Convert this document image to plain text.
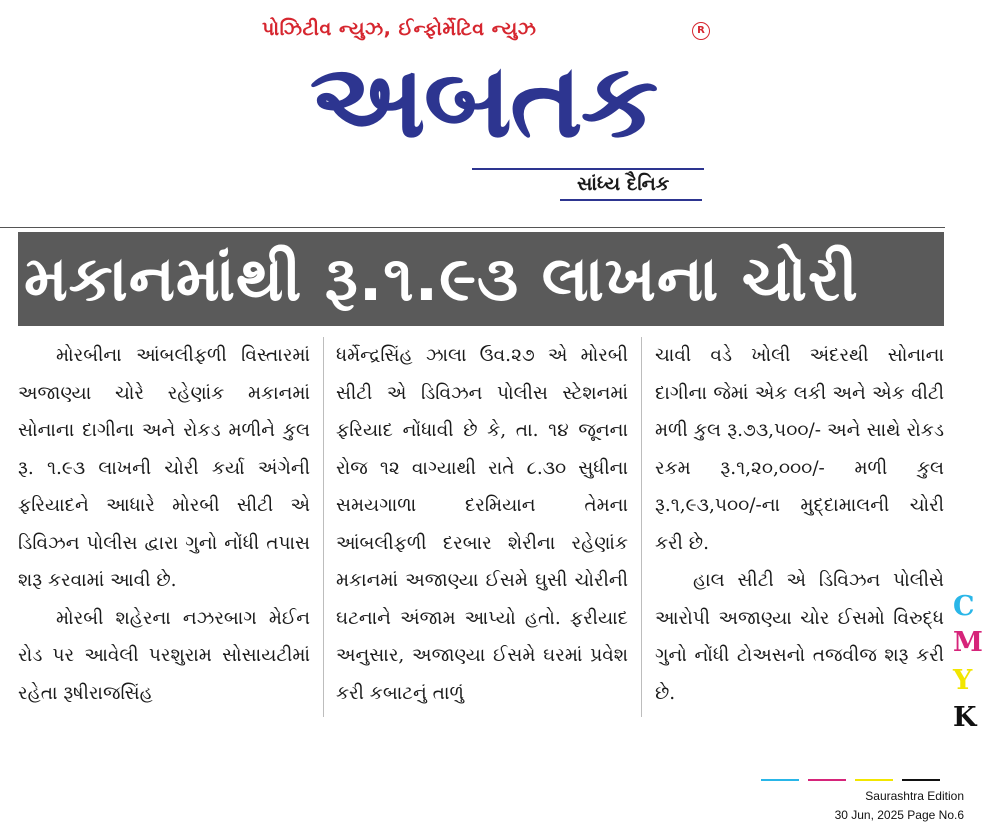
પોઝિટીવ ન્યુઝ, ઈન્ફોર્મેટિવ ન્યુઝ	R
અબતક
સાંધ્ય દૈનિક
મકાનમાંથી રૂ.૧.૯૩ લાખના ચોરી

મોરબીના આંબલીફળી વિસ્તારમાં અજાણ્યા ચોરે રહેણાંક મકાનમાં સોનાના દાગીના અને રોકડ મળીને કુલ રૂ. ૧.૯૩ લાખની ચોરી કર્યા અંગેની ફરિયાદને આધારે મોરબી સીટી એ ડિવિઝન પોલીસ દ્વારા ગુનો નોંધી તપાસ શરૂ કરવામાં આવી છે.

મોરબી શહેરના નઝરબાગ મેઈન રોડ પર આવેલી પરશુરામ સોસાયટીમાં રહેતા રૂષીરાજસિંહ

ધર્મેન્દ્રસિંહ ઝાલા ઉવ.૨૭ એ મોરબી સીટી એ ડિવિઝન પોલીસ સ્ટેશનમાં ફરિયાદ નોંધાવી છે કે, તા. ૧૪ જૂનના રોજ ૧૨ વાગ્યાથી રાતે ૮.૩૦ સુધીના સમયગાળા દરમિયાન તેમના આંબલીફળી દરબાર શેરીના રહેણાંક મકાનમાં અજાણ્યા ઈસમે ઘુસી ચોરીની ઘટનાને અંજામ આપ્યો હતો. ફરીયાદ અનુસાર, અજાણ્યા ઈસમે ઘરમાં પ્રવેશ કરી કબાટનું તાળું

ચાવી વડે ખોલી અંદરથી સોનાના દાગીના જેમાં એક લકી અને એક વીટી મળી કુલ રૂ.૭૩,૫૦૦/- અને સાથે રોકડ રકમ રૂ.૧,૨૦,૦૦૦/- મળી કુલ રૂ.૧,૯૩,૫૦૦/-ના મુદ્દામાલની ચોરી કરી છે.

હાલ સીટી એ ડિવિઝન પોલીસે આરોપી અજાણ્યા ચોર ઈસમો વિરુદ્ધ ગુનો નોંધી ટોઅસનો તજવીજ શરૂ કરી છે.

C
M
Y
K
Saurashtra Edition
30 Jun, 2025 Page No.6
